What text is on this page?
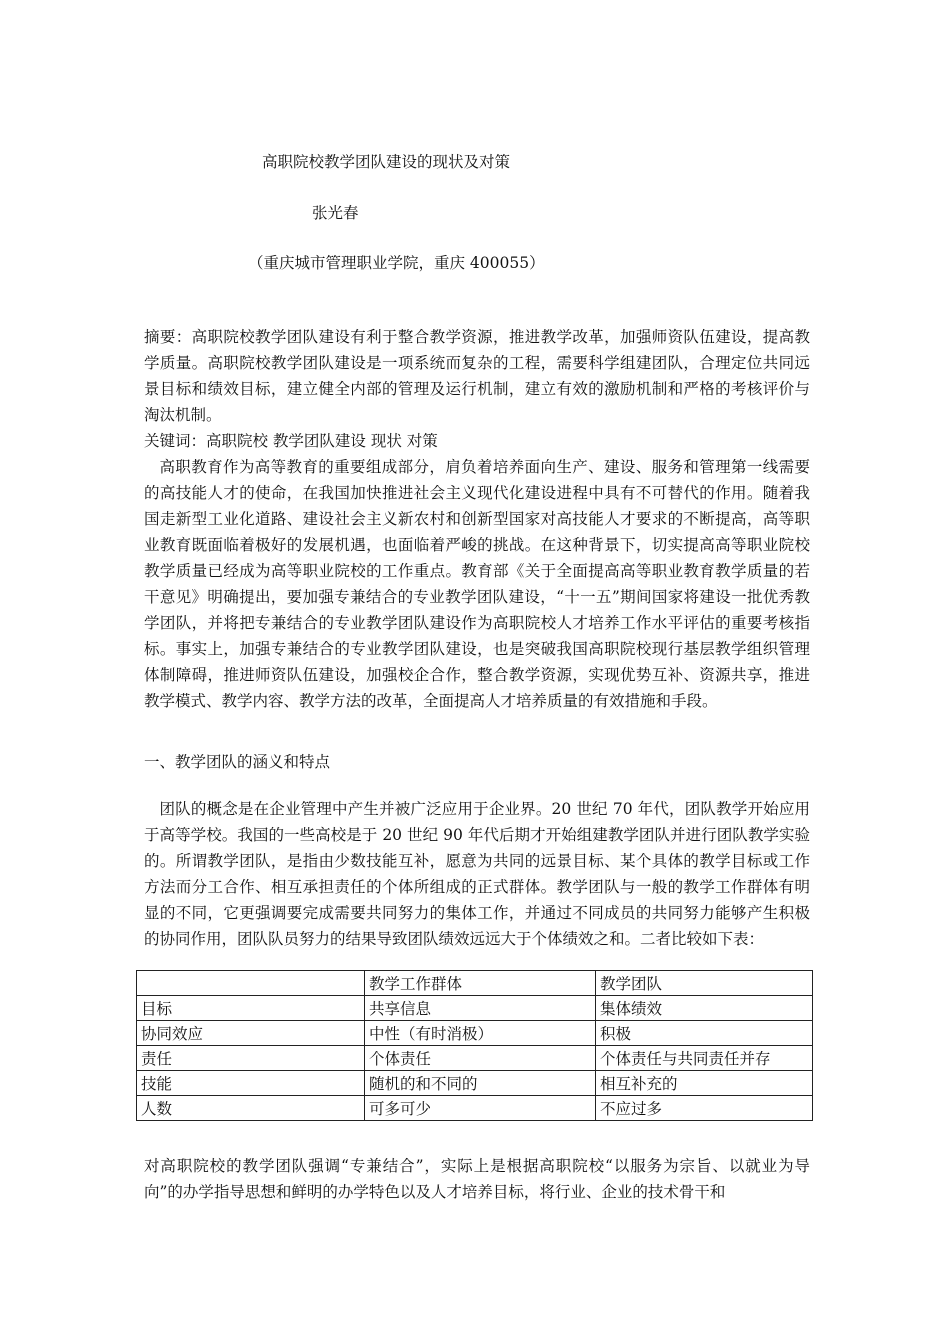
高职院校教学团队建设的现状及对策
张光春
（重庆城市管理职业学院，重庆 400055）
摘要：高职院校教学团队建设有利于整合教学资源，推进教学改革，加强师资队伍建设，提高教学质量。高职院校教学团队建设是一项系统而复杂的工程，需要科学组建团队，合理定位共同远景目标和绩效目标，建立健全内部的管理及运行机制，建立有效的激励机制和严格的考核评价与淘汰机制。
关键词：高职院校 教学团队建设 现状 对策
高职教育作为高等教育的重要组成部分，肩负着培养面向生产、建设、服务和管理第一线需要的高技能人才的使命，在我国加快推进社会主义现代化建设进程中具有不可替代的作用。随着我国走新型工业化道路、建设社会主义新农村和创新型国家对高技能人才要求的不断提高，高等职业教育既面临着极好的发展机遇，也面临着严峻的挑战。在这种背景下，切实提高高等职业院校教学质量已经成为高等职业院校的工作重点。教育部《关于全面提高高等职业教育教学质量的若干意见》明确提出，要加强专兼结合的专业教学团队建设，“十一五”期间国家将建设一批优秀教学团队，并将把专兼结合的专业教学团队建设作为高职院校人才培养工作水平评估的重要考核指标。事实上，加强专兼结合的专业教学团队建设，也是突破我国高职院校现行基层教学组织管理体制障碍，推进师资队伍建设，加强校企合作，整合教学资源，实现优势互补、资源共享，推进教学模式、教学内容、教学方法的改革，全面提高人才培养质量的有效措施和手段。
一、教学团队的涵义和特点
团队的概念是在企业管理中产生并被广泛应用于企业界。20 世纪 70 年代，团队教学开始应用于高等学校。我国的一些高校是于 20 世纪 90 年代后期才开始组建教学团队并进行团队教学实验的。所谓教学团队，是指由少数技能互补，愿意为共同的远景目标、某个具体的教学目标或工作方法而分工合作、相互承担责任的个体所组成的正式群体。教学团队与一般的教学工作群体有明显的不同，它更强调要完成需要共同努力的集体工作，并通过不同成员的共同努力能够产生积极的协同作用，团队队员努力的结果导致团队绩效远远大于个体绩效之和。二者比较如下表：
	教学工作群体	教学团队
目标	共享信息	集体绩效
协同效应	中性（有时消极）	积极
责任	个体责任	个体责任与共同责任并存
技能	随机的和不同的	相互补充的
人数	可多可少	不应过多
对高职院校的教学团队强调“专兼结合”，实际上是根据高职院校“以服务为宗旨、以就业为导向”的办学指导思想和鲜明的办学特色以及人才培养目标，将行业、企业的技术骨干和
